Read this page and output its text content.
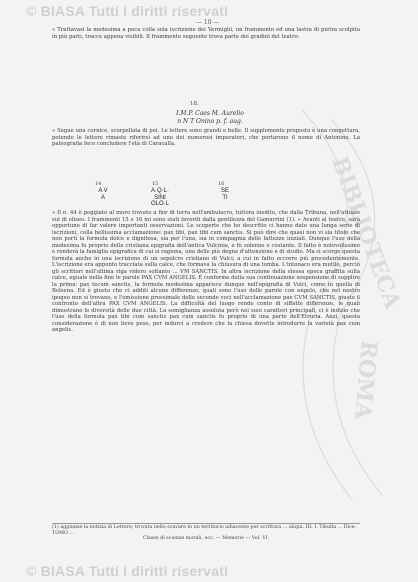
© BIASA Tutti i diritti riservati
BIBLIOTECA
ROMA
— 10 —

« Trattavasi la medesima a poca colla sola iscrizione dei Vermiglii, un frammento ed una lastra di pietra scolpita in più parti, tracce appena visibili. Il frammento seguente trova parte dei gradini del teatro:

18.
I.M.P. Caes M. Aurelio
n N T Onino p. f. aug.

« Segue una cornice, scorpellata di poi. Le lettere sono grandi e belle. Il supplemento proposto è una congettura, potendo le lettere rimaste riferirsi ad uno dei numerosi imperatori, che portarono il nome di Antonino. La paleografia fece concludere l'età di Caracalla.

14
A V
A
15
A·Q·L·
SINI
OLO·L
16
SE
TI

« Il n. 44 è poggiato al muro trovato a fior di terra nell'ambulacro, tuttora inedito, che dalla Tribuna, nell'attuale sul di eliseo. I frammenti 15 e 16 mi sono stati favoriti dalla gentilezza del Gamurrini (1). « Avanti al teatro, sarà opportuno di far valere importanti osservazioni. Le scoperte che ho descritto ci hanno dato una lunga serie di iscrizioni, colla bellissima acclamazione: pax tibi, pax tibi cum sanctis. Si può dire che quasi non vi sia titolo che non porti la formola dolce e dignitosa, sia per l'una, sia in compagnia delle fattezze iniziali. Dunque l'uso della medesima fu proprio della cristiana epigrafia dell'antica Vulcinia, e fu solenne e costante. Il fatto è notevolissimo e renderà la famiglia epigrafica di cui si ragiona, una delle più degne d'attenzione e di studio. Ma si scorge questa formola anche in una iscrizione di un sepolcro cristiano di Vulci; a cui in fatto occorre più precedentemente. L'iscrizione era appunto tracciata sulla calce, che formava la chiusura di una tomba. L'intonaco era mutilo, perciò gli scrittori nell'ultima riga videro soltanto ... VM SANCTIS. In altra iscrizione della stessa epoca graffita sulla calce, eguale nella fine le parole PAX CVM ANGELIS. È conforme della sua continuazione sospensione di supplire la prima: pax tecum sanctis, la formola medesima apparisce dunque nell'epigrafia di Vulci, come in quella di Bolsena. Ed è giusto che ci additi alcune differenze; quali sono l'uso delle parole con angelo, che nel nostro ipogeo non si trovano, e l'omissione prossimale delle seconde voci nell'acclamazione pax CVM SANCTIS, giusto il confronto dell'altra PAX CVM ANGELIS. La difficoltà del luogo rende conto di siffatte differenze, le quali dimostrano le diversità delle due città. La somiglianza assoluta però nei suoi caratteri principali, ci è indizio che l'uso della formola pax tibi cum sanctis pax cum sanctis fu proprio di una parte dell'Etruria. Anzi, questa considerazione è di non lieve peso, per indurci a credere che la chiesa dovette introdurre la varietà pax cum angelis.

(1) aggiunse la notizia di Lettore; trovata nello scavare in un territorio adiacente per scrittura ... aliqui. III. I. Tibulla ... Dice. TOMO ...
Classe di scienze morali, ecc. — Memorie — Vol. VI.
© BIASA Tutti i diritti riservati
